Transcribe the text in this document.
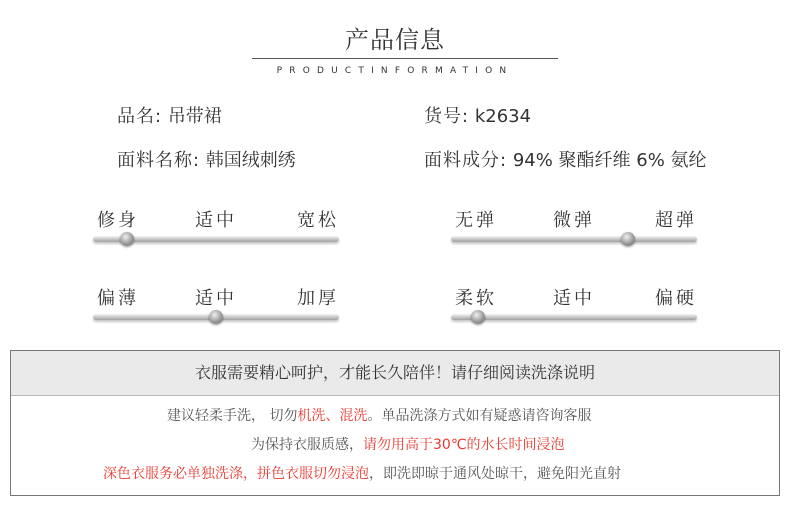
产品信息
PRODUCTINFORMATION
品名: 吊带裙	货号: k2634
面料名称: 韩国绒刺绣	面料成分: 94% 聚酯纤维 6% 氨纶
修身	适中	宽松	无弹	微弹	超弹
偏薄	适中	加厚	柔软	适中	偏硬
衣服需要精心呵护，才能长久陪伴！请仔细阅读洗涤说明
建议轻柔手洗， 切勿机洗、混洗。单品洗涤方式如有疑惑请咨询客服
为保持衣服质感，请勿用高于30℃的水长时间浸泡
深色衣服务必单独洗涤，拼色衣服切勿浸泡，即洗即晾于通风处晾干，避免阳光直射
